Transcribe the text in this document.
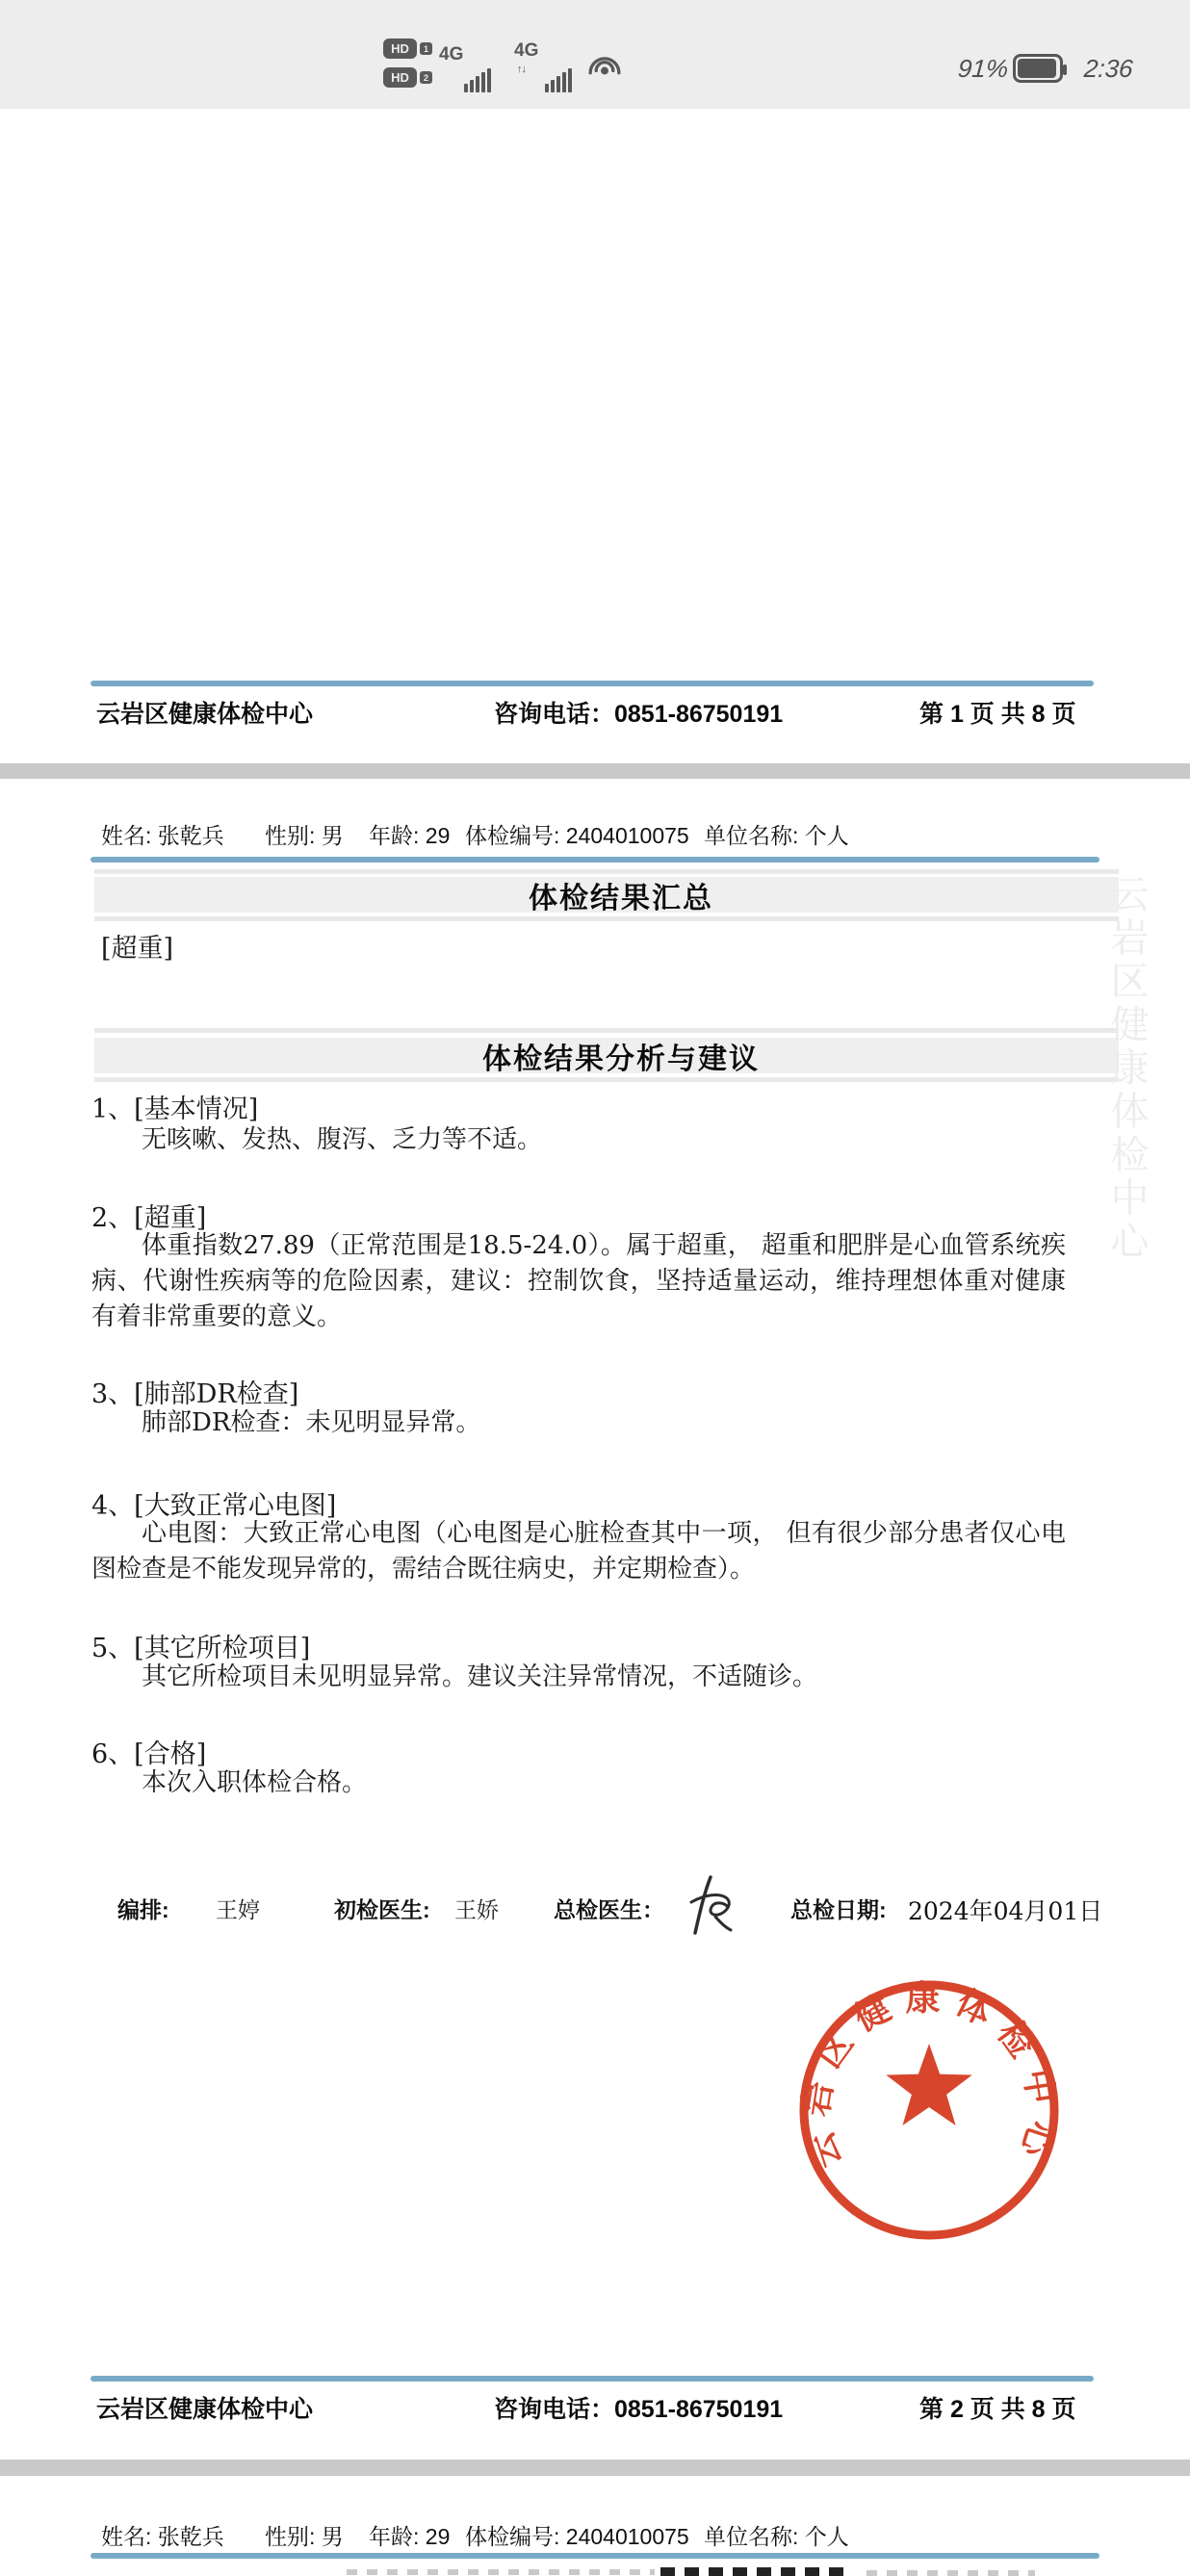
HD	1
HD	2
4G	4G
↑↓	91%	2:36
云岩区健康体检中心	咨询电话：0851-86750191	第 1 页 共 8 页
姓名: 张乾兵 性别: 男 年龄: 29 体检编号: 2404010075 单位名称: 个人
体检结果汇总
[超重]
体检结果分析与建议
1、[基本情况]
无咳嗽、发热、腹泻、乏力等不适。
2、[超重]
体重指数27.89（正常范围是18.5-24.0）。属于超重， 超重和肥胖是心血管系统疾病、代谢性疾病等的危险因素，建议：控制饮食，坚持适量运动，维持理想体重对健康有着非常重要的意义。
3、[肺部DR检查]
肺部DR检查：未见明显异常。
4、[大致正常心电图]
心电图：大致正常心电图（心电图是心脏检查其中一项， 但有很少部分患者仅心电图检查是不能发现异常的，需结合既往病史，并定期检查）。
5、[其它所检项目]
其它所检项目未见明显异常。建议关注异常情况，不适随诊。
6、[合格]
本次入职体检合格。
编排: 王婷	初检医生: 王娇 总检医生：	总检日期: 2024年04月01日
云岩区健康体检中心
云岩区健康体检中心
云岩区健康体检中心	咨询电话：0851-86750191	第 2 页 共 8 页
姓名: 张乾兵 性别: 男 年龄: 29 体检编号: 2404010075 单位名称: 个人
